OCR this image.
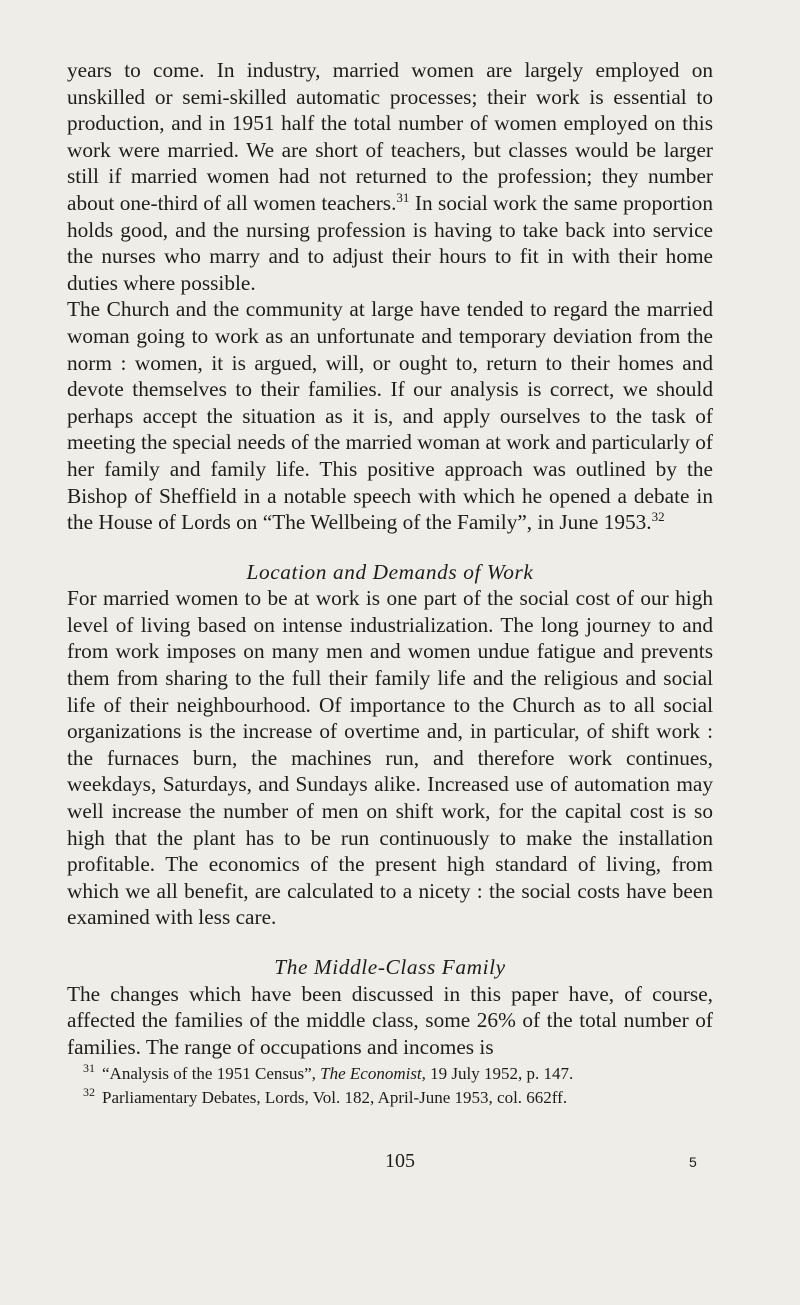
years to come. In industry, married women are largely employed on unskilled or semi-skilled automatic processes; their work is essential to production, and in 1951 half the total number of women employed on this work were married. We are short of teachers, but classes would be larger still if married women had not returned to the profession; they number about one-third of all women teachers.$^{31}$ In social work the same proportion holds good, and the nursing profession is having to take back into service the nurses who marry and to adjust their hours to fit in with their home duties where possible.

The Church and the community at large have tended to regard the married woman going to work as an unfortunate and temporary deviation from the norm : women, it is argued, will, or ought to, return to their homes and devote themselves to their families. If our analysis is correct, we should perhaps accept the situation as it is, and apply ourselves to the task of meeting the special needs of the married woman at work and particularly of her family and family life. This positive approach was outlined by the Bishop of Sheffield in a notable speech with which he opened a debate in the House of Lords on “The Wellbeing of the Family”, in June 1953.32

Location and Demands of Work

For married women to be at work is one part of the social cost of our high level of living based on intense industrialization. The long journey to and from work imposes on many men and women undue fatigue and prevents them from sharing to the full their family life and the religious and social life of their neighbourhood. Of importance to the Church as to all social organizations is the increase of overtime and, in particular, of shift work : the furnaces burn, the machines run, and therefore work continues, weekdays, Saturdays, and Sundays alike. Increased use of automation may well increase the number of men on shift work, for the capital cost is so high that the plant has to be run continuously to make the installation profitable. The economics of the present high standard of living, from which we all benefit, are calculated to a nicety : the social costs have been examined with less care.

The Middle-Class Family

The changes which have been discussed in this paper have, of course, affected the families of the middle class, some 26% of the total number of families. The range of occupations and incomes is

$^{31}$ “Analysis of the 1951 Census”, The Economist, 19 July 1952, p. 147.

$^{32}$ Parliamentary Debates, Lords, Vol. 182, April-June 1953, col. 662ff.

105	5
